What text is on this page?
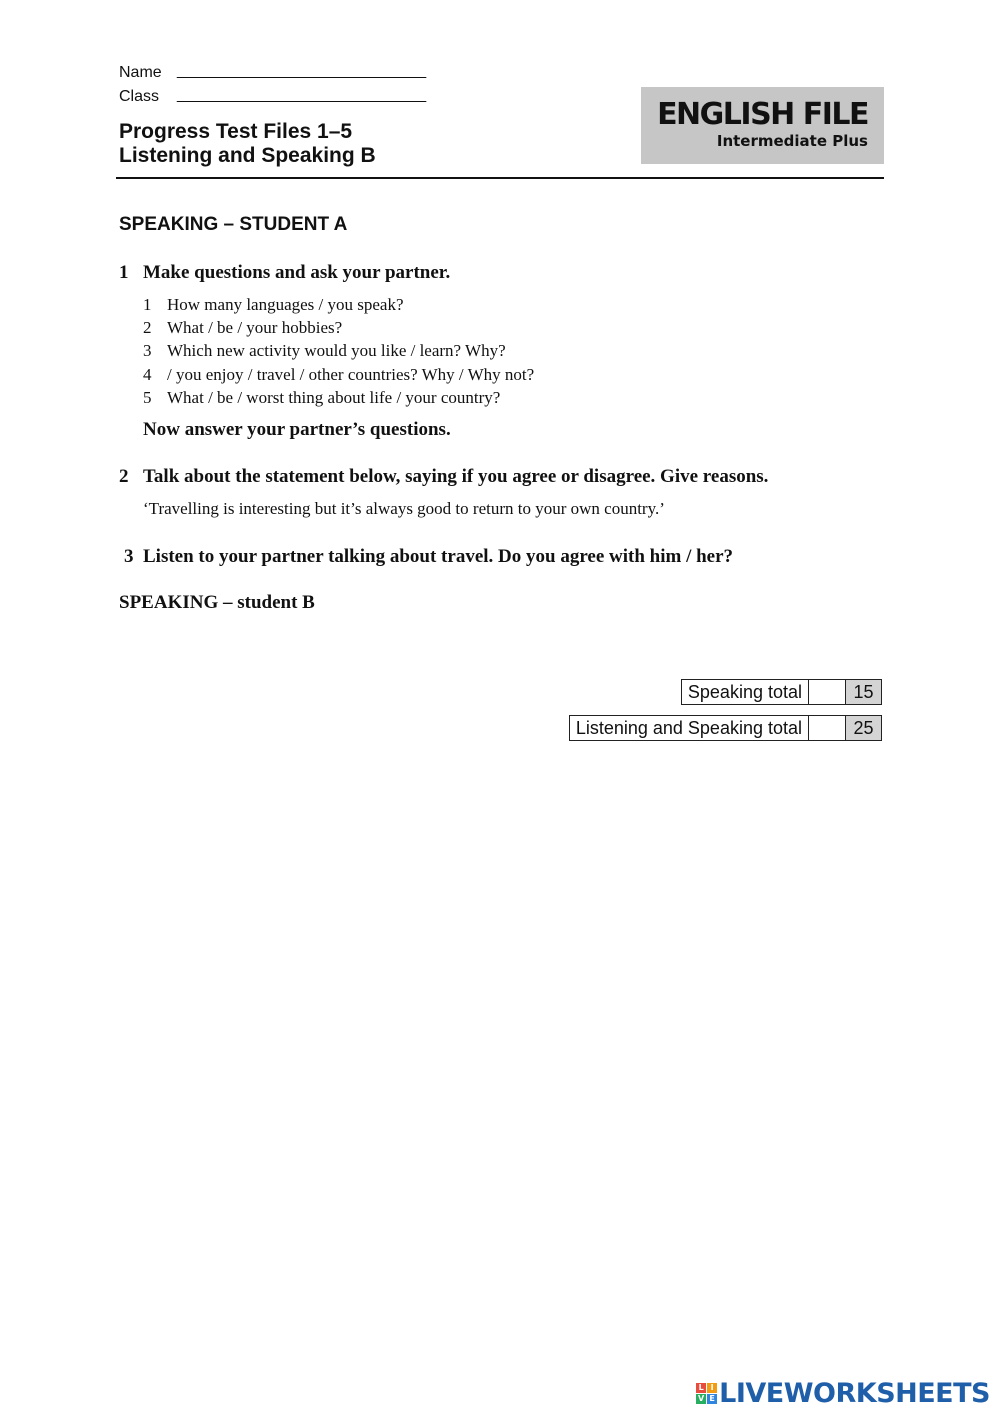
Name ____________________________
Class ____________________________
Progress Test Files 1–5
Listening and Speaking B
ENGLISH FILE
Intermediate Plus
SPEAKING – STUDENT A
1 Make questions and ask your partner.
1 How many languages / you speak?
2 What / be / your hobbies?
3 Which new activity would you like / learn? Why?
4 / you enjoy / travel / other countries? Why / Why not?
5 What / be / worst thing about life / your country?
Now answer your partner’s questions.
2 Talk about the statement below, saying if you agree or disagree. Give reasons.
‘Travelling is interesting but it’s always good to return to your own country.’
3 Listen to your partner talking about travel. Do you agree with him / her?
SPEAKING – student B
Speaking total		15
Listening and Speaking total		25
L I
V E LIVEWORKSHEETS
